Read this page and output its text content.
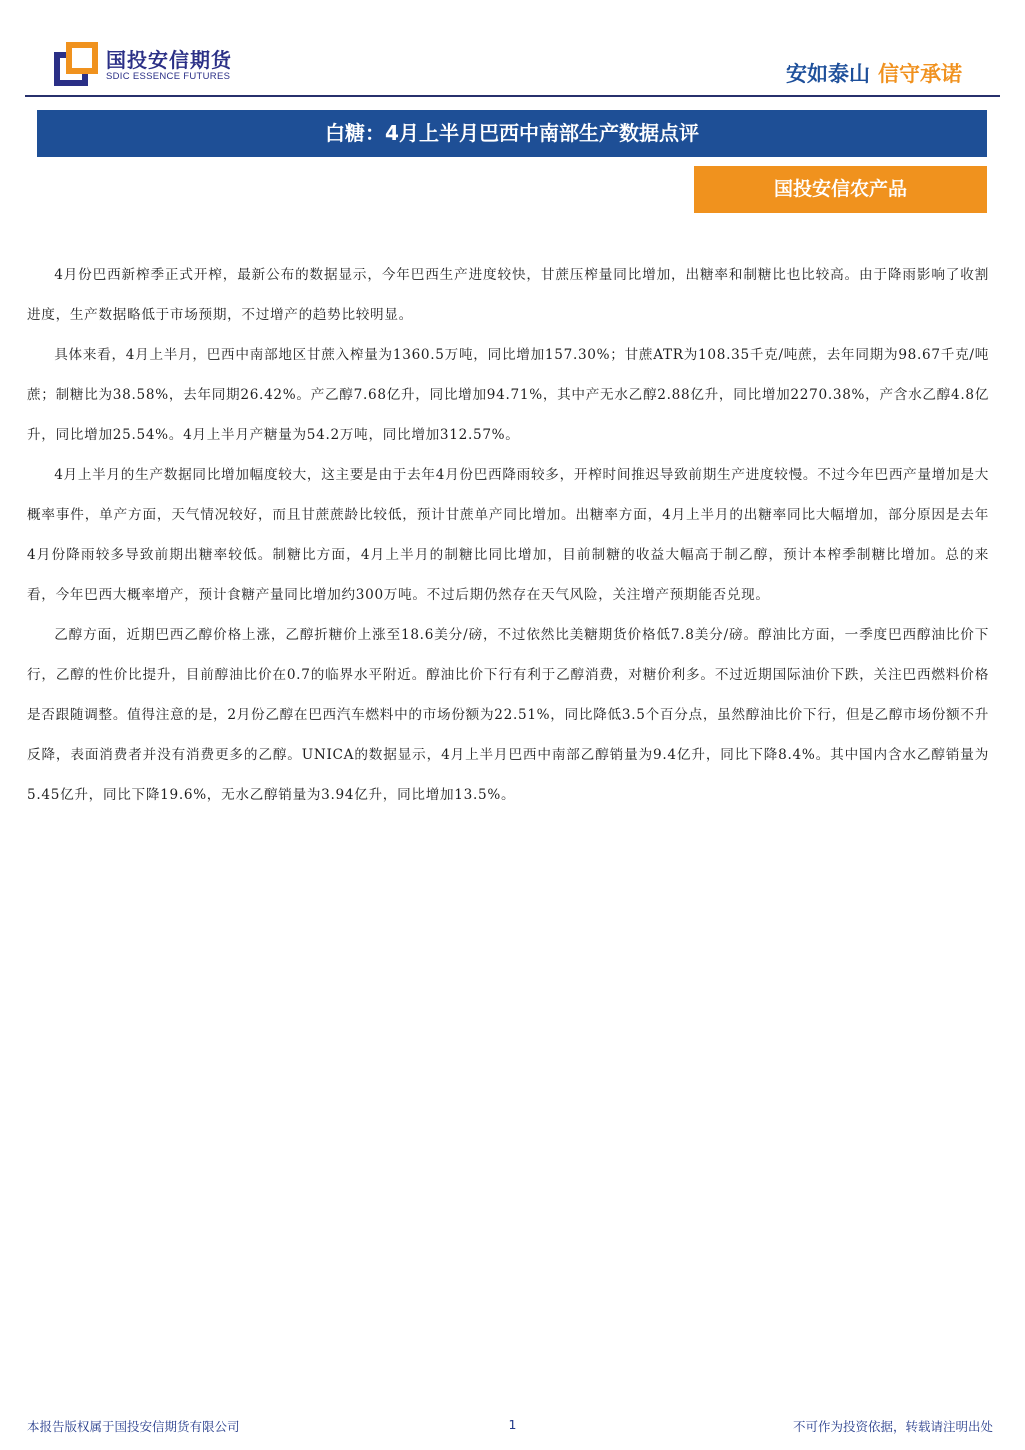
国投安信期货
SDIC ESSENCE FUTURES	安如泰山 信守承诺
白糖：4月上半月巴西中南部生产数据点评
国投安信农产品

4月份巴西新榨季正式开榨，最新公布的数据显示，今年巴西生产进度较快，甘蔗压榨量同比增加，出糖率和制糖比也比较高。由于降雨影响了收割进度，生产数据略低于市场预期，不过增产的趋势比较明显。

具体来看，4月上半月，巴西中南部地区甘蔗入榨量为1360.5万吨，同比增加157.30%；甘蔗ATR为108.35千克/吨蔗，去年同期为98.67千克/吨蔗；制糖比为38.58%，去年同期26.42%。产乙醇7.68亿升，同比增加94.71%，其中产无水乙醇2.88亿升，同比增加2270.38%，产含水乙醇4.8亿升，同比增加25.54%。4月上半月产糖量为54.2万吨，同比增加312.57%。

4月上半月的生产数据同比增加幅度较大，这主要是由于去年4月份巴西降雨较多，开榨时间推迟导致前期生产进度较慢。不过今年巴西产量增加是大概率事件，单产方面，天气情况较好，而且甘蔗蔗龄比较低，预计甘蔗单产同比增加。出糖率方面，4月上半月的出糖率同比大幅增加，部分原因是去年4月份降雨较多导致前期出糖率较低。制糖比方面，4月上半月的制糖比同比增加，目前制糖的收益大幅高于制乙醇，预计本榨季制糖比增加。总的来看，今年巴西大概率增产，预计食糖产量同比增加约300万吨。不过后期仍然存在天气风险，关注增产预期能否兑现。

乙醇方面，近期巴西乙醇价格上涨，乙醇折糖价上涨至18.6美分/磅，不过依然比美糖期货价格低7.8美分/磅。醇油比方面，一季度巴西醇油比价下行，乙醇的性价比提升，目前醇油比价在0.7的临界水平附近。醇油比价下行有利于乙醇消费，对糖价利多。不过近期国际油价下跌，关注巴西燃料价格是否跟随调整。值得注意的是，2月份乙醇在巴西汽车燃料中的市场份额为22.51%，同比降低3.5个百分点，虽然醇油比价下行，但是乙醇市场份额不升反降，表面消费者并没有消费更多的乙醇。UNICA的数据显示，4月上半月巴西中南部乙醇销量为9.4亿升，同比下降8.4%。其中国内含水乙醇销量为5.45亿升，同比下降19.6%，无水乙醇销量为3.94亿升，同比增加13.5%。

本报告版权属于国投安信期货有限公司	1	不可作为投资依据，转载请注明出处
